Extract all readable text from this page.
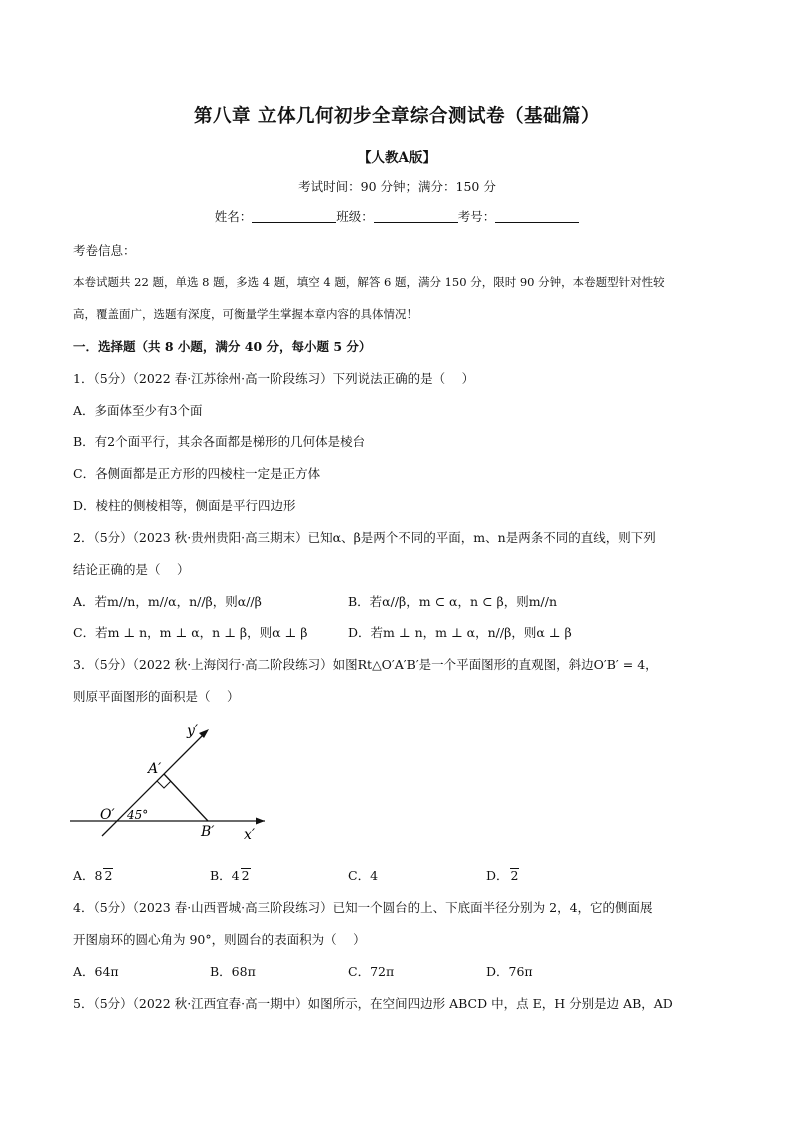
第八章 立体几何初步全章综合测试卷（基础篇）
【人教A版】
考试时间：90 分钟；满分：150 分
姓名：	班级：	考号：
考卷信息：
本卷试题共 22 题，单选 8 题，多选 4 题，填空 4 题，解答 6 题，满分 150 分，限时 90 分钟，本卷题型针对性较
高，覆盖面广，选题有深度，可衡量学生掌握本章内容的具体情况！
一．选择题（共 8 小题，满分 40 分，每小题 5 分）
1．（5分）（2022 春·江苏徐州·高一阶段练习）下列说法正确的是（　 ）
A．多面体至少有3个面
B．有2个面平行，其余各面都是梯形的几何体是棱台
C．各侧面都是正方形的四棱柱一定是正方体
D．棱柱的侧棱相等，侧面是平行四边形
2．（5分）（2023 秋·贵州贵阳·高三期末）已知α、β是两个不同的平面，m、n是两条不同的直线，则下列
结论正确的是（　 ）
A．若m//n，m//α，n//β，则α//β	B．若α//β，m ⊂ α，n ⊂ β，则m//n
C．若m ⊥ n，m ⊥ α，n ⊥ β，则α ⊥ β	D．若m ⊥ n，m ⊥ α，n//β，则α ⊥ β
3．（5分）（2022 秋·上海闵行·高二阶段练习）如图Rt△O′A′B′是一个平面图形的直观图，斜边O′B′ = 4，
则原平面图形的面积是（　 ）
y′
x′
O′
A′
B′
45°
A．8 2	B．4 2	C．4	D． 2
4．（5分）（2023 春·山西晋城·高三阶段练习）已知一个圆台的上、下底面半径分别为 2，4，它的侧面展
开图扇环的圆心角为 90°，则圆台的表面积为（　 ）
A．64π	B．68π	C．72π	D．76π
5．（5分）（2022 秋·江西宜春·高一期中）如图所示，在空间四边形 ABCD 中，点 E，H 分别是边 AB，AD
